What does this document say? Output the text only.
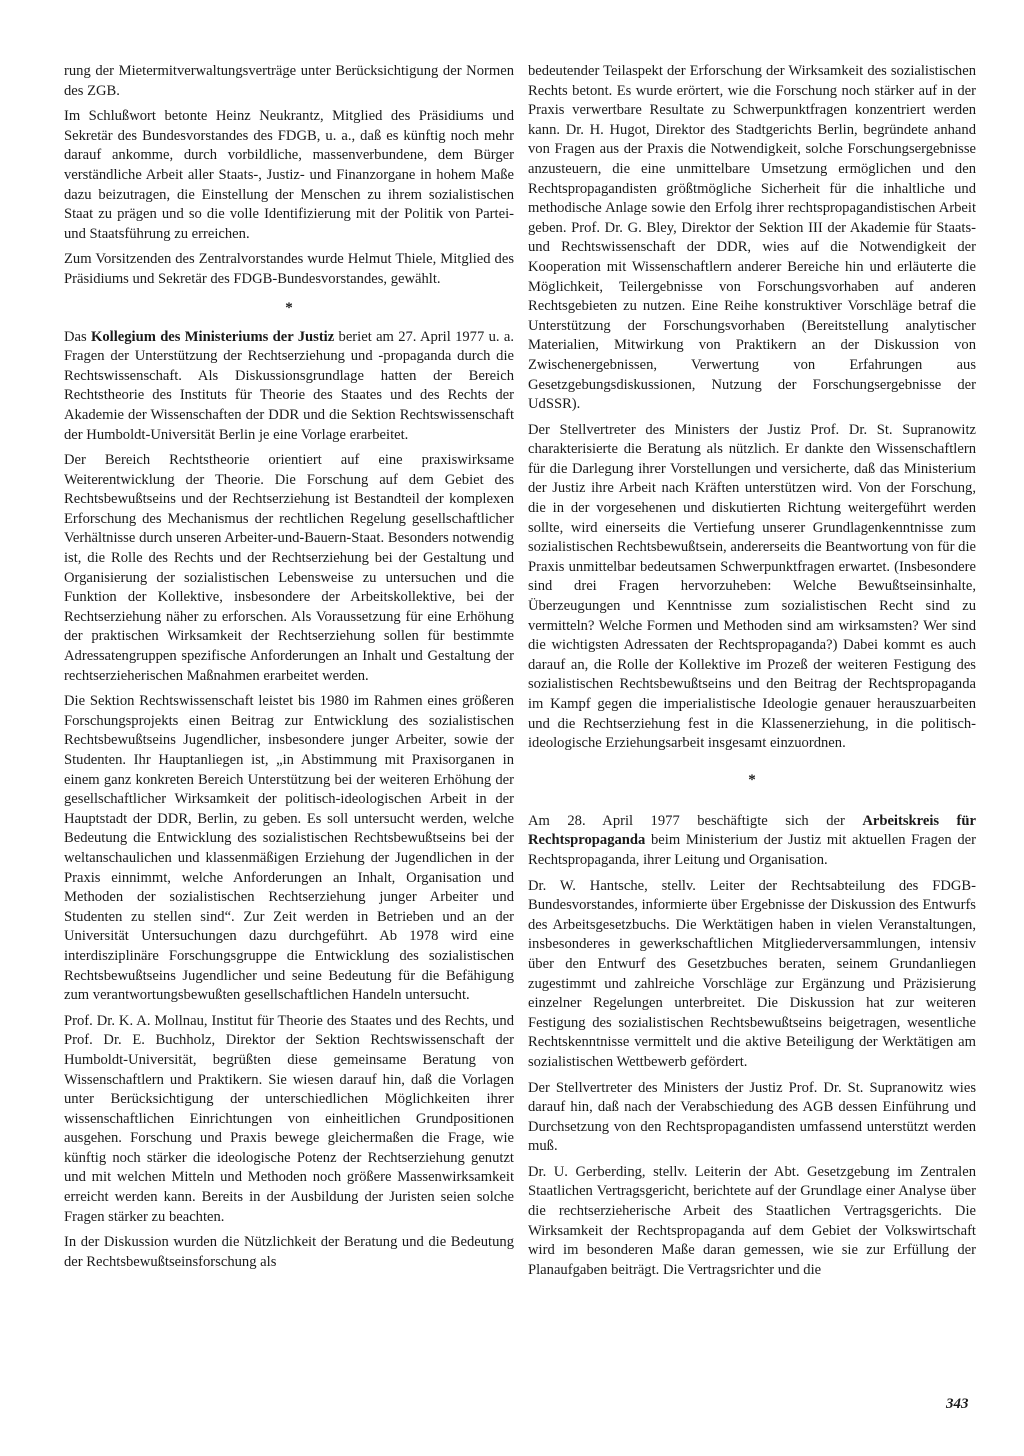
rung der Mietermitverwaltungsverträge unter Berücksichtigung der Normen des ZGB.

Im Schlußwort betonte Heinz Neukrantz, Mitglied des Präsidiums und Sekretär des Bundesvorstandes des FDGB, u. a., daß es künftig noch mehr darauf ankomme, durch vorbildliche, massenverbundene, dem Bürger verständliche Arbeit aller Staats-, Justiz- und Finanzorgane in hohem Maße dazu beizutragen, die Einstellung der Menschen zu ihrem sozialistischen Staat zu prägen und so die volle Identifizierung mit der Politik von Partei- und Staatsführung zu erreichen.

Zum Vorsitzenden des Zentralvorstandes wurde Helmut Thiele, Mitglied des Präsidiums und Sekretär des FDGB-Bundesvorstandes, gewählt.

*

Das Kollegium des Ministeriums der Justiz beriet am 27. April 1977 u. a. Fragen der Unterstützung der Rechtserziehung und -propaganda durch die Rechtswissenschaft. Als Diskussionsgrundlage hatten der Bereich Rechtstheorie des Instituts für Theorie des Staates und des Rechts der Akademie der Wissenschaften der DDR und die Sektion Rechtswissenschaft der Humboldt-Universität Berlin je eine Vorlage erarbeitet.

Der Bereich Rechtstheorie orientiert auf eine praxiswirksame Weiterentwicklung der Theorie. Die Forschung auf dem Gebiet des Rechtsbewußtseins und der Rechtserziehung ist Bestandteil der komplexen Erforschung des Mechanismus der rechtlichen Regelung gesellschaftlicher Verhältnisse durch unseren Arbeiter-und-Bauern-Staat. Besonders notwendig ist, die Rolle des Rechts und der Rechtserziehung bei der Gestaltung und Organisierung der sozialistischen Lebensweise zu untersuchen und die Funktion der Kollektive, insbesondere der Arbeitskollektive, bei der Rechtserziehung näher zu erforschen. Als Voraussetzung für eine Erhöhung der praktischen Wirksamkeit der Rechtserziehung sollen für bestimmte Adressatengruppen spezifische Anforderungen an Inhalt und Gestaltung der rechtserzieherischen Maßnahmen erarbeitet werden.

Die Sektion Rechtswissenschaft leistet bis 1980 im Rahmen eines größeren Forschungsprojekts einen Beitrag zur Entwicklung des sozialistischen Rechtsbewußtseins Jugendlicher, insbesondere junger Arbeiter, sowie der Studenten. Ihr Hauptanliegen ist, „in Abstimmung mit Praxisorganen in einem ganz konkreten Bereich Unterstützung bei der weiteren Erhöhung der gesellschaftlicher Wirksamkeit der politisch-ideologischen Arbeit in der Hauptstadt der DDR, Berlin, zu geben. Es soll untersucht werden, welche Bedeutung die Entwicklung des sozialistischen Rechtsbewußtseins bei der weltanschaulichen und klassenmäßigen Erziehung der Jugendlichen in der Praxis einnimmt, welche Anforderungen an Inhalt, Organisation und Methoden der sozialistischen Rechtserziehung junger Arbeiter und Studenten zu stellen sind“. Zur Zeit werden in Betrieben und an der Universität Untersuchungen dazu durchgeführt. Ab 1978 wird eine interdisziplinäre Forschungsgruppe die Entwicklung des sozialistischen Rechtsbewußtseins Jugendlicher und seine Bedeutung für die Befähigung zum verantwortungsbewußten gesellschaftlichen Handeln untersucht.

Prof. Dr. K. A. Mollnau, Institut für Theorie des Staates und des Rechts, und Prof. Dr. E. Buchholz, Direktor der Sektion Rechtswissenschaft der Humboldt-Universität, begrüßten diese gemeinsame Beratung von Wissenschaftlern und Praktikern. Sie wiesen darauf hin, daß die Vorlagen unter Berücksichtigung der unterschiedlichen Möglichkeiten ihrer wissenschaftlichen Einrichtungen von einheitlichen Grundpositionen ausgehen. Forschung und Praxis bewege gleichermaßen die Frage, wie künftig noch stärker die ideologische Potenz der Rechtserziehung genutzt und mit welchen Mitteln und Methoden noch größere Massenwirksamkeit erreicht werden kann. Bereits in der Ausbildung der Juristen seien solche Fragen stärker zu beachten.

In der Diskussion wurden die Nützlichkeit der Beratung und die Bedeutung der Rechtsbewußtseinsforschung als

bedeutender Teilaspekt der Erforschung der Wirksamkeit des sozialistischen Rechts betont. Es wurde erörtert, wie die Forschung noch stärker auf in der Praxis verwertbare Resultate zu Schwerpunktfragen konzentriert werden kann. Dr. H. Hugot, Direktor des Stadtgerichts Berlin, begründete anhand von Fragen aus der Praxis die Notwendigkeit, solche Forschungsergebnisse anzusteuern, die eine unmittelbare Umsetzung ermöglichen und den Rechtspropagandisten größtmögliche Sicherheit für die inhaltliche und methodische Anlage sowie den Erfolg ihrer rechtspropagandistischen Arbeit geben. Prof. Dr. G. Bley, Direktor der Sektion III der Akademie für Staats- und Rechtswissenschaft der DDR, wies auf die Notwendigkeit der Kooperation mit Wissenschaftlern anderer Bereiche hin und erläuterte die Möglichkeit, Teilergebnisse von Forschungsvorhaben auf anderen Rechtsgebieten zu nutzen. Eine Reihe konstruktiver Vorschläge betraf die Unterstützung der Forschungsvorhaben (Bereitstellung analytischer Materialien, Mitwirkung von Praktikern an der Diskussion von Zwischenergebnissen, Verwertung von Erfahrungen aus Gesetzgebungsdiskussionen, Nutzung der Forschungsergebnisse der UdSSR).

Der Stellvertreter des Ministers der Justiz Prof. Dr. St. Supranowitz charakterisierte die Beratung als nützlich. Er dankte den Wissenschaftlern für die Darlegung ihrer Vorstellungen und versicherte, daß das Ministerium der Justiz ihre Arbeit nach Kräften unterstützen wird. Von der Forschung, die in der vorgesehenen und diskutierten Richtung weitergeführt werden sollte, wird einerseits die Vertiefung unserer Grundlagenkenntnisse zum sozialistischen Rechtsbewußtsein, andererseits die Beantwortung von für die Praxis unmittelbar bedeutsamen Schwerpunktfragen erwartet. (Insbesondere sind drei Fragen hervorzuheben: Welche Bewußtseinsinhalte, Überzeugungen und Kenntnisse zum sozialistischen Recht sind zu vermitteln? Welche Formen und Methoden sind am wirksamsten? Wer sind die wichtigsten Adressaten der Rechtspropaganda?) Dabei kommt es auch darauf an, die Rolle der Kollektive im Prozeß der weiteren Festigung des sozialistischen Rechtsbewußtseins und den Beitrag der Rechtspropaganda im Kampf gegen die imperialistische Ideologie genauer herauszuarbeiten und die Rechtserziehung fest in die Klassenerziehung, in die politisch-ideologische Erziehungsarbeit insgesamt einzuordnen.

*

Am 28. April 1977 beschäftigte sich der Arbeitskreis für Rechtspropaganda beim Ministerium der Justiz mit aktuellen Fragen der Rechtspropaganda, ihrer Leitung und Organisation.

Dr. W. Hantsche, stellv. Leiter der Rechtsabteilung des FDGB-Bundesvorstandes, informierte über Ergebnisse der Diskussion des Entwurfs des Arbeitsgesetzbuchs. Die Werktätigen haben in vielen Veranstaltungen, insbesonderes in gewerkschaftlichen Mitgliederversammlungen, intensiv über den Entwurf des Gesetzbuches beraten, seinem Grundanliegen zugestimmt und zahlreiche Vorschläge zur Ergänzung und Präzisierung einzelner Regelungen unterbreitet. Die Diskussion hat zur weiteren Festigung des sozialistischen Rechtsbewußtseins beigetragen, wesentliche Rechtskenntnisse vermittelt und die aktive Beteiligung der Werktätigen am sozialistischen Wettbewerb gefördert.

Der Stellvertreter des Ministers der Justiz Prof. Dr. St. Supranowitz wies darauf hin, daß nach der Verabschiedung des AGB dessen Einführung und Durchsetzung von den Rechtspropagandisten umfassend unterstützt werden muß.

Dr. U. Gerberding, stellv. Leiterin der Abt. Gesetzgebung im Zentralen Staatlichen Vertragsgericht, berichtete auf der Grundlage einer Analyse über die rechtserzieherische Arbeit des Staatlichen Vertragsgerichts. Die Wirksamkeit der Rechtspropaganda auf dem Gebiet der Volkswirtschaft wird im besonderen Maße daran gemessen, wie sie zur Erfüllung der Planaufgaben beiträgt. Die Vertragsrichter und die

343
